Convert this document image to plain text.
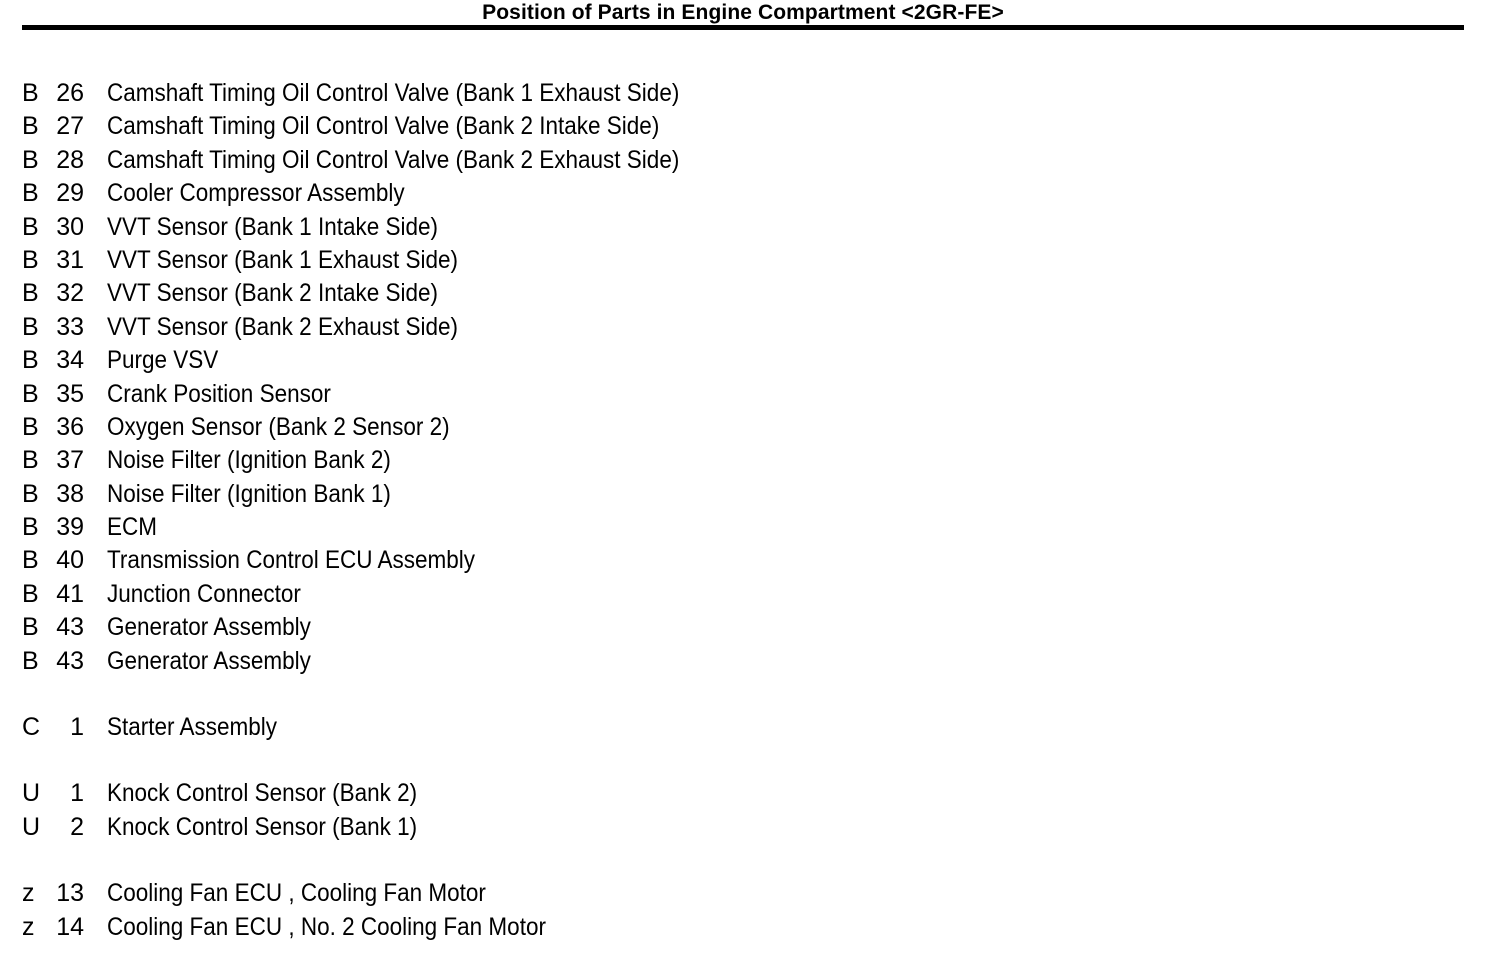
Position of Parts in Engine Compartment <2GR-FE>
B 26 Camshaft Timing Oil Control Valve (Bank 1 Exhaust Side)
B 27 Camshaft Timing Oil Control Valve (Bank 2 Intake Side)
B 28 Camshaft Timing Oil Control Valve (Bank 2 Exhaust Side)
B 29 Cooler Compressor Assembly
B 30 VVT Sensor (Bank 1 Intake Side)
B 31 VVT Sensor (Bank 1 Exhaust Side)
B 32 VVT Sensor (Bank 2 Intake Side)
B 33 VVT Sensor (Bank 2 Exhaust Side)
B 34 Purge VSV
B 35 Crank Position Sensor
B 36 Oxygen Sensor (Bank 2 Sensor 2)
B 37 Noise Filter (Ignition Bank 2)
B 38 Noise Filter (Ignition Bank 1)
B 39 ECM
B 40 Transmission Control ECU Assembly
B 41 Junction Connector
B 43 Generator Assembly
B 43 Generator Assembly
C	1 Starter Assembly
U	1 Knock Control Sensor (Bank 2)
U	2 Knock Control Sensor (Bank 1)
z 13 Cooling Fan ECU , Cooling Fan Motor
z 14 Cooling Fan ECU , No. 2 Cooling Fan Motor
